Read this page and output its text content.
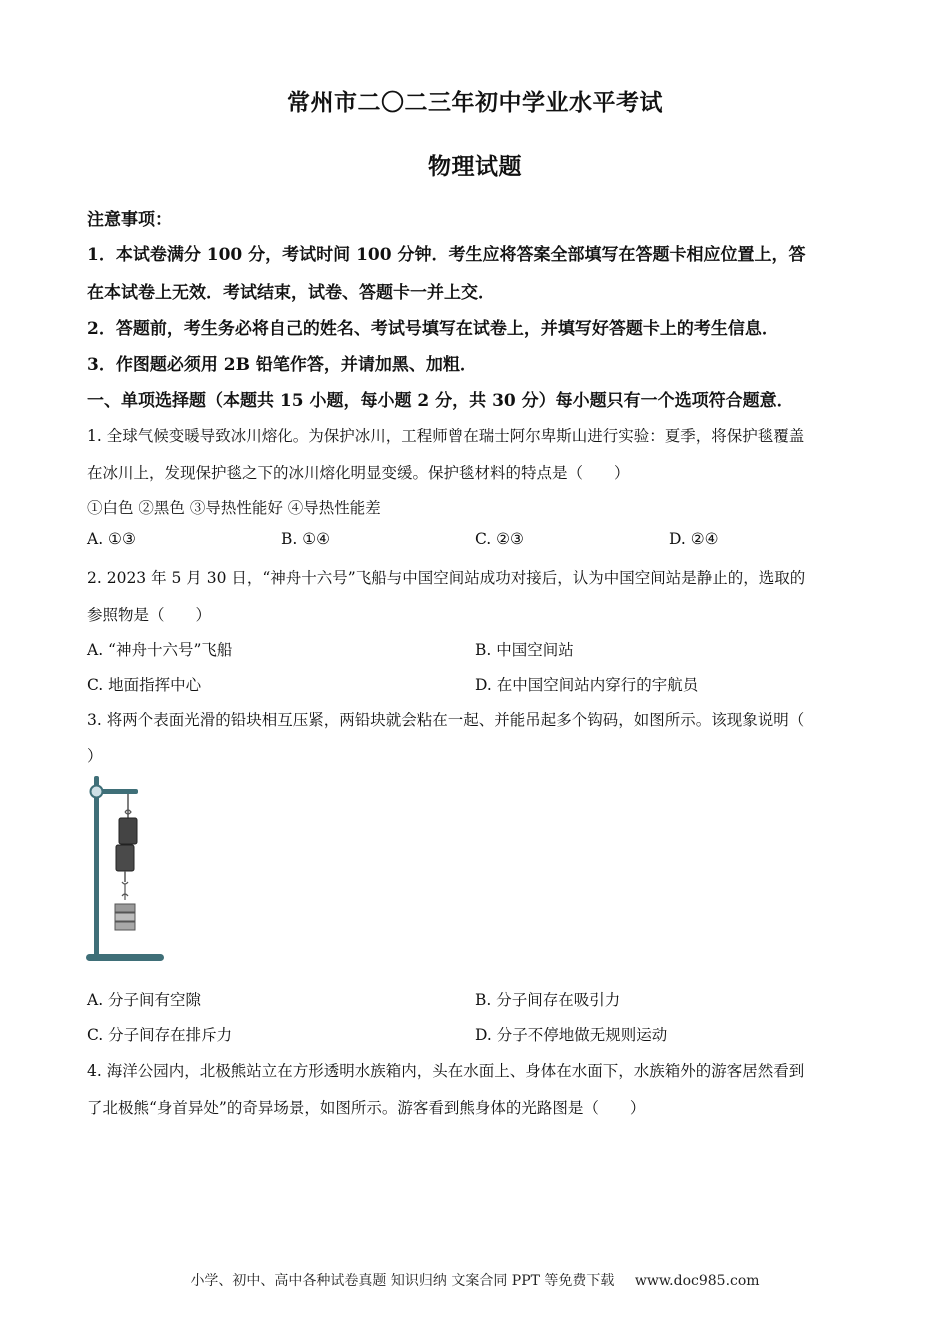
常州市二〇二三年初中学业水平考试
物理试题
注意事项：
1．本试卷满分 100 分，考试时间 100 分钟．考生应将答案全部填写在答题卡相应位置上，答
在本试卷上无效．考试结束，试卷、答题卡一并上交．
2．答题前，考生务必将自己的姓名、考试号填写在试卷上，并填写好答题卡上的考生信息．
3．作图题必须用 2B 铅笔作答，并请加黑、加粗．
一、单项选择题（本题共 15 小题，每小题 2 分，共 30 分）每小题只有一个选项符合题意．
1. 全球气候变暖导致冰川熔化。为保护冰川，工程师曾在瑞士阿尔卑斯山进行实验：夏季，将保护毯覆盖
在冰川上，发现保护毯之下的冰川熔化明显变缓。保护毯材料的特点是（　　）
①白色 ②黑色 ③导热性能好 ④导热性能差
A. ①③	B. ①④	C. ②③	D. ②④
2. 2023 年 5 月 30 日，“神舟十六号”飞船与中国空间站成功对接后，认为中国空间站是静止的，选取的
参照物是（　　）
A. “神舟十六号”飞船	B. 中国空间站
C. 地面指挥中心	D. 在中国空间站内穿行的宇航员
3. 将两个表面光滑的铅块相互压紧，两铅块就会粘在一起、并能吊起多个钩码，如图所示。该现象说明（
）
A. 分子间有空隙	B. 分子间存在吸引力
C. 分子间存在排斥力	D. 分子不停地做无规则运动
4. 海洋公园内，北极熊站立在方形透明水族箱内，头在水面上、身体在水面下，水族箱外的游客居然看到
了北极熊“身首异处”的奇异场景，如图所示。游客看到熊身体的光路图是（　　）
小学、初中、高中各种试卷真题 知识归纳 文案合同 PPT 等免费下载 www.doc985.com
